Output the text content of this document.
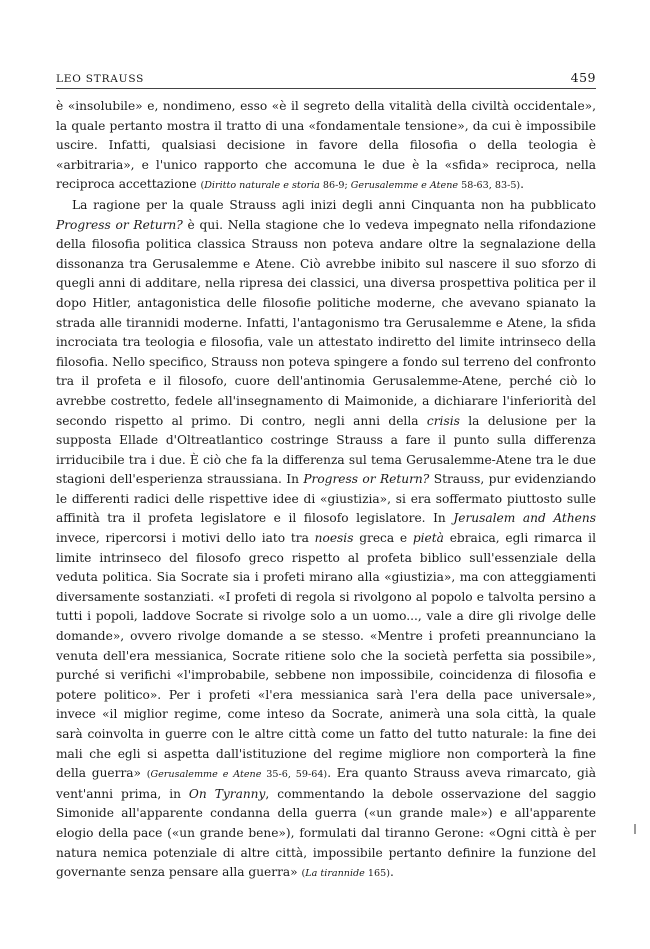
LEO STRAUSS	459

è «insolubile» e, nondimeno, esso «è il segreto della vitalità della civiltà occidentale», la quale pertanto mostra il tratto di una «fondamentale tensione», da cui è impossibile uscire. Infatti, qualsiasi decisione in favore della filosofia o della teologia è «arbitraria», e l'unico rapporto che accomuna le due è la «sfida» reciproca, nella reciproca accettazione (Diritto naturale e storia 86-9; Gerusalemme e Atene 58-63, 83-5).

La ragione per la quale Strauss agli inizi degli anni Cinquanta non ha pubblicato Progress or Return? è qui. Nella stagione che lo vedeva impegnato nella rifondazione della filosofia politica classica Strauss non poteva andare oltre la segnalazione della dissonanza tra Gerusalemme e Atene. Ciò avrebbe inibito sul nascere il suo sforzo di quegli anni di additare, nella ripresa dei classici, una diversa prospettiva politica per il dopo Hitler, antagonistica delle filosofie politiche moderne, che avevano spianato la strada alle tirannidi moderne. Infatti, l'antagonismo tra Gerusalemme e Atene, la sfida incrociata tra teologia e filosofia, vale un attestato indiretto del limite intrinseco della filosofia. Nello specifico, Strauss non poteva spingere a fondo sul terreno del confronto tra il profeta e il filosofo, cuore dell'antinomia Gerusalemme-Atene, perché ciò lo avrebbe costretto, fedele all'insegnamento di Maimonide, a dichiarare l'inferiorità del secondo rispetto al primo. Di contro, negli anni della crisis la delusione per la supposta Ellade d'Oltreatlantico costringe Strauss a fare il punto sulla differenza irriducibile tra i due. È ciò che fa la differenza sul tema Gerusalemme-Atene tra le due stagioni dell'esperienza straussiana. In Progress or Return? Strauss, pur evidenziando le differenti radici delle rispettive idee di «giustizia», si era soffermato piuttosto sulle affinità tra il profeta legislatore e il filosofo legislatore. In Jerusalem and Athens invece, ripercorsi i motivi dello iato tra noesis greca e pietà ebraica, egli rimarca il limite intrinseco del filosofo greco rispetto al profeta biblico sull'essenziale della veduta politica. Sia Socrate sia i profeti mirano alla «giustizia», ma con atteggiamenti diversamente sostanziati. «I profeti di regola si rivolgono al popolo e talvolta persino a tutti i popoli, laddove Socrate si rivolge solo a un uomo..., vale a dire gli rivolge delle domande», ovvero rivolge domande a se stesso. «Mentre i profeti preannunciano la venuta dell'era messianica, Socrate ritiene solo che la società perfetta sia possibile», purché si verifichi «l'improbabile, sebbene non impossibile, coincidenza di filosofia e potere politico». Per i profeti «l'era messianica sarà l'era della pace universale», invece «il miglior regime, come inteso da Socrate, animerà una sola città, la quale sarà coinvolta in guerre con le altre città come un fatto del tutto naturale: la fine dei mali che egli si aspetta dall'istituzione del regime migliore non comporterà la fine della guerra» (Gerusalemme e Atene 35-6, 59-64). Era quanto Strauss aveva rimarcato, già vent'anni prima, in On Tyranny, commentando la debole osservazione del saggio Simonide all'apparente condanna della guerra («un grande male») e all'apparente elogio della pace («un grande bene»), formulati dal tiranno Gerone: «Ogni città è per natura nemica potenziale di altre città, impossibile pertanto definire la funzione del governante senza pensare alla guerra» (La tirannide 165).
